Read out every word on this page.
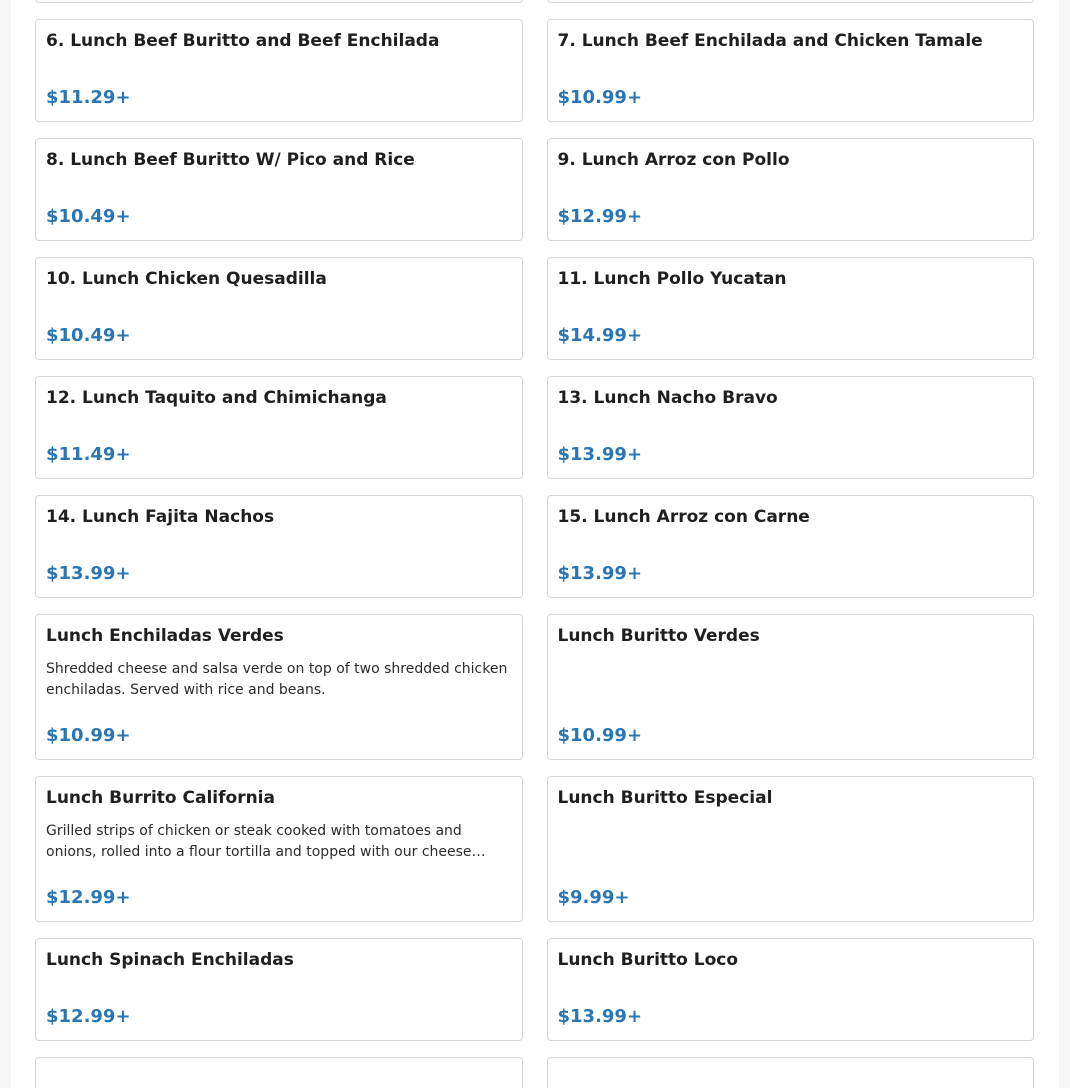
6. Lunch Beef Buritto and Beef Enchilada
$11.29+
7. Lunch Beef Enchilada and Chicken Tamale
$10.99+
8. Lunch Beef Buritto W/ Pico and Rice
$10.49+
9. Lunch Arroz con Pollo
$12.99+
10. Lunch Chicken Quesadilla
$10.49+
11. Lunch Pollo Yucatan
$14.99+
12. Lunch Taquito and Chimichanga
$11.49+
13. Lunch Nacho Bravo
$13.99+
14. Lunch Fajita Nachos
$13.99+
15. Lunch Arroz con Carne
$13.99+
Lunch Enchiladas Verdes
Shredded cheese and salsa verde on top of two shredded chicken enchiladas. Served with rice and beans.
$10.99+
Lunch Buritto Verdes
$10.99+
Lunch Burrito California
Grilled strips of chicken or steak cooked with tomatoes and onions, rolled into a flour tortilla and topped with our cheese…
$12.99+
Lunch Buritto Especial
$9.99+
Lunch Spinach Enchiladas
$12.99+
Lunch Buritto Loco
$13.99+
